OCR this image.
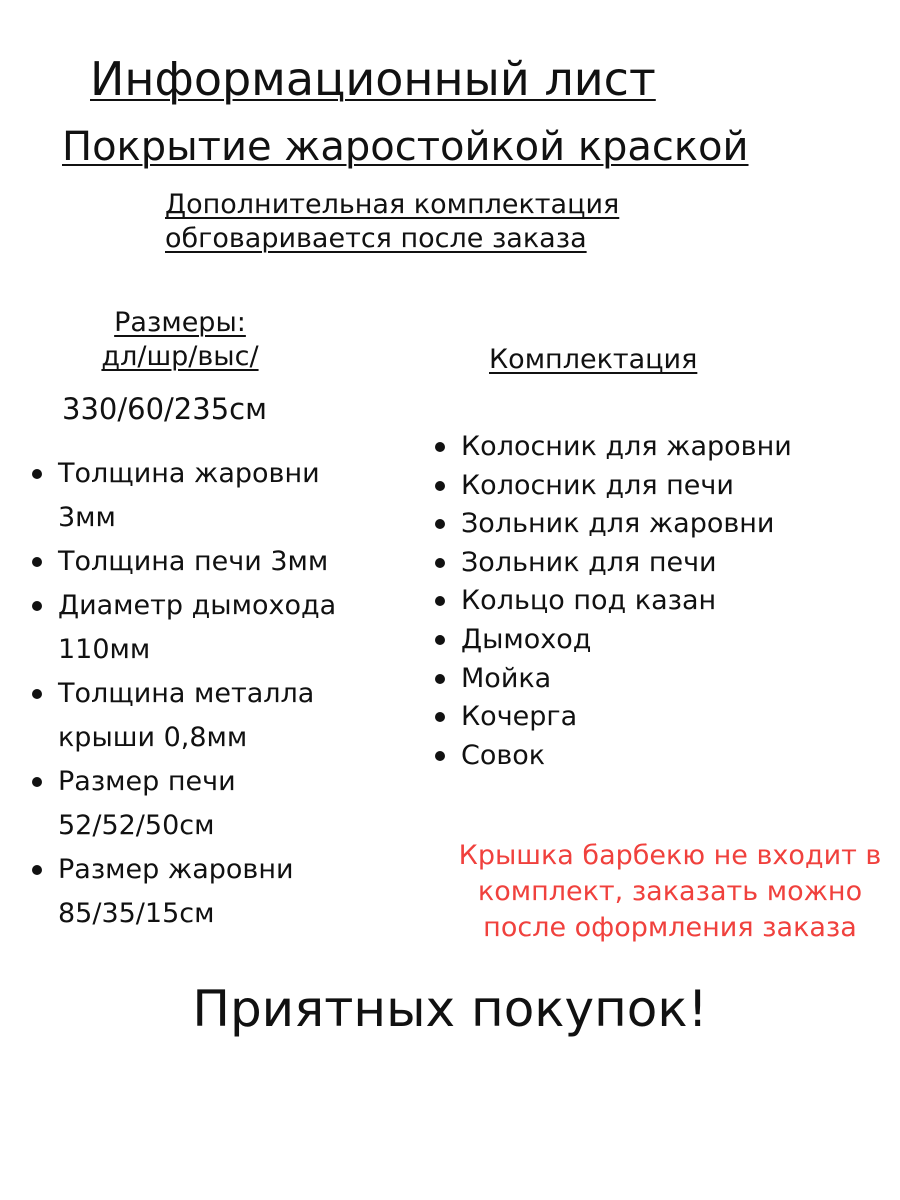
Информационный лист
Покрытие жаростойкой краской
Дополнительная комплектация
обговаривается после заказа
Размеры:
дл/шр/выс/
330/60/235см
Комплектация
Толщина жаровни 3мм
Толщина печи 3мм
Диаметр дымохода 110мм
Толщина металла крыши 0,8мм
Размер печи 52/52/50см
Размер жаровни 85/35/15см
Колосник для жаровни
Колосник для печи
Зольник для жаровни
Зольник для печи
Кольцо под казан
Дымоход
Мойка
Кочерга
Совок
Крышка барбекю не входит в
комплект, заказать можно
после оформления заказа
Приятных покупок!
